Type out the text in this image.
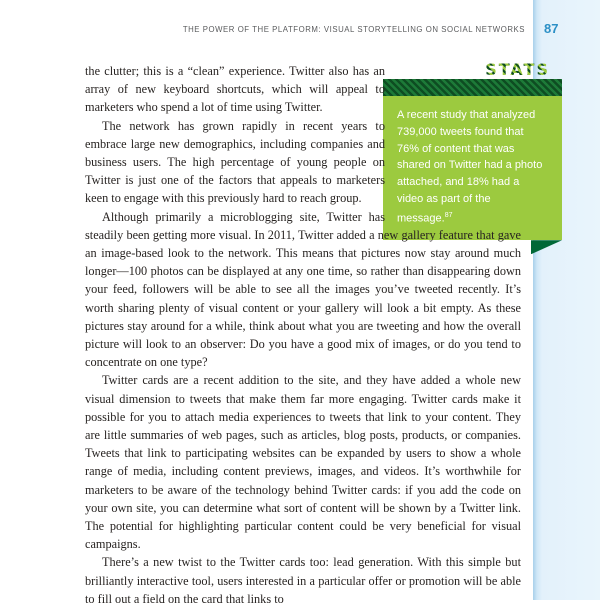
THE POWER OF THE PLATFORM: VISUAL STORYTELLING ON SOCIAL NETWORKS 87
STATS
A recent study that analyzed 739,000 tweets found that 76% of content that was shared on Twitter had a photo attached, and 18% had a video as part of the message.$^{87}$

the clutter; this is a “clean” experience. Twitter also has an array of new keyboard shortcuts, which will appeal to marketers who spend a lot of time using Twitter.

The network has grown rapidly in recent years to embrace large new demographics, including companies and business users. The high percentage of young people on Twitter is just one of the factors that appeals to marketers keen to engage with this previously hard to reach group.

Although primarily a microblogging site, Twitter has steadily been getting more visual. In 2011, Twitter added a new gallery feature that gave an image-based look to the network. This means that pictures now stay around much longer—100 photos can be displayed at any one time, so rather than disappearing down your feed, followers will be able to see all the images you’ve tweeted recently. It’s worth sharing plenty of visual content or your gallery will look a bit empty. As these pictures stay around for a while, think about what you are tweeting and how the overall picture will look to an observer: Do you have a good mix of images, or do you tend to concentrate on one type?

Twitter cards are a recent addition to the site, and they have added a whole new visual dimension to tweets that make them far more engaging. Twitter cards make it possible for you to attach media experiences to tweets that link to your content. They are little summaries of web pages, such as articles, blog posts, products, or companies. Tweets that link to participating websites can be expanded by users to show a whole range of media, including content previews, images, and videos. It’s worthwhile for marketers to be aware of the technology behind Twitter cards: if you add the code on your own site, you can determine what sort of content will be shown by a Twitter link. The potential for highlighting particular content could be very beneficial for visual campaigns.

There’s a new twist to the Twitter cards too: lead generation. With this simple but brilliantly interactive tool, users interested in a particular offer or promotion will be able to fill out a field on the card that links to
